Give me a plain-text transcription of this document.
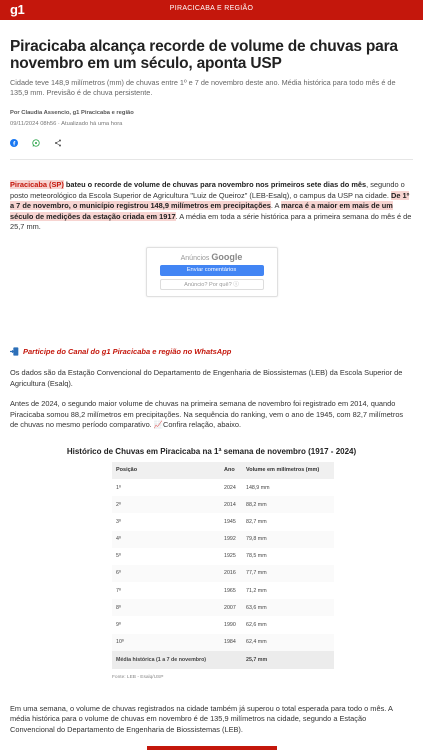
g1	PIRACICABA E REGIÃO
Piracicaba alcança recorde de volume de chuvas para novembro em um século, aponta USP

Cidade teve 148,9 milímetros (mm) de chuvas entre 1º e 7 de novembro deste ano. Média histórica para todo mês é de 135,9 mm. Previsão é de chuva persistente.

Por Claudia Assencio, g1 Piracicaba e região

09/11/2024 08h56 · Atualizado há uma hora

Piracicaba (SP) bateu o recorde de volume de chuvas para novembro nos primeiros sete dias do mês, segundo o posto meteorológico da Escola Superior de Agricultura "Luiz de Queiroz" (LEB-Esalq), o campus da USP na cidade. De 1º a 7 de novembro, o município registrou 148,9 milímetros em precipitações. A marca é a maior em mais de um século de medições da estação criada em 1917. A média em toda a série histórica para a primeira semana do mês é de 25,7 mm.

Anúncios Google
Enviar comentários
Anúncio? Por quê? ⓘ

Participe do Canal do g1 Piracicaba e região no WhatsApp

Os dados são da Estação Convencional do Departamento de Engenharia de Biossistemas (LEB) da Escola Superior de Agricultura (Esalq).

Antes de 2024, o segundo maior volume de chuvas na primeira semana de novembro foi registrado em 2014, quando Piracicaba somou 88,2 milímetros em precipitações. Na sequência do ranking, vem o ano de 1945, com 82,7 milímetros de chuvas no mesmo período comparativo. 📈Confira relação, abaixo.

Histórico de Chuvas em Piracicaba na 1ª semana de novembro (1917 - 2024)

Posição	Ano	Volume em milímetros (mm)
1º	2024	148,9 mm
2º	2014	88,2 mm
3º	1945	82,7 mm
4º	1992	79,8 mm
5º	1925	78,5 mm
6º	2016	77,7 mm
7º	1965	71,2 mm
8º	2007	63,6 mm
9º	1990	62,6 mm
10º	1984	62,4 mm
Média histórica (1 a 7 de novembro)		25,7 mm

Fonte: LEB - Esalq/USP

Em uma semana, o volume de chuvas registrados na cidade também já superou o total esperada para todo o mês. A média histórica para o volume de chuvas em novembro é de 135,9 milímetros na cidade, segundo a Estação Convencional do Departamento de Engenharia de Biossistemas (LEB).
